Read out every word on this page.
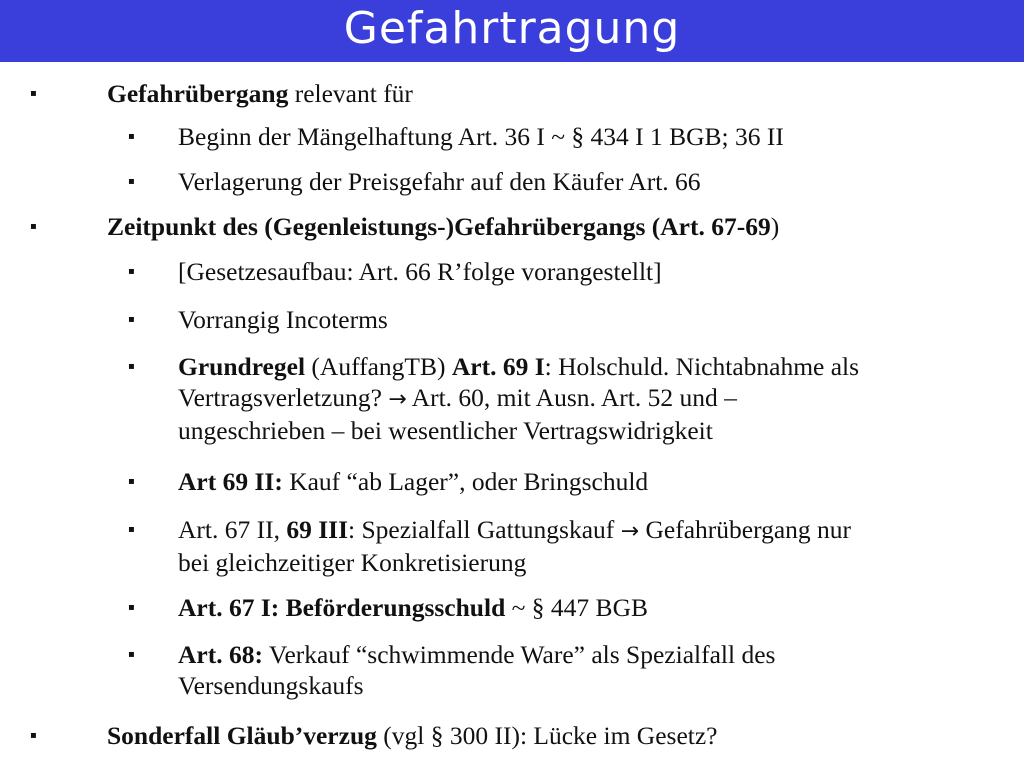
Gefahrtragung
▪	Gefahrübergang relevant für
▪ Beginn der Mängelhaftung Art. 36 I ~ § 434 I 1 BGB; 36 II
▪ Verlagerung der Preisgefahr auf den Käufer Art. 66
▪	Zeitpunkt des (Gegenleistungs-)Gefahrübergangs (Art. 67-69)
▪ [Gesetzesaufbau: Art. 66 R’folge vorangestellt]
▪ Vorrangig Incoterms
▪ Grundregel (AuffangTB) Art. 69 I: Holschuld. Nichtabnahme als
Vertragsverletzung? → Art. 60, mit Ausn. Art. 52 und –
ungeschrieben – bei wesentlicher Vertragswidrigkeit
▪ Art 69 II: Kauf “ab Lager”, oder Bringschuld
▪ Art. 67 II, 69 III: Spezialfall Gattungskauf → Gefahrübergang nur
bei gleichzeitiger Konkretisierung
▪ Art. 67 I: Beförderungsschuld ~ § 447 BGB
▪ Art. 68: Verkauf “schwimmende Ware” als Spezialfall des
Versendungskaufs
▪	Sonderfall Gläub’verzug (vgl § 300 II): Lücke im Gesetz?
